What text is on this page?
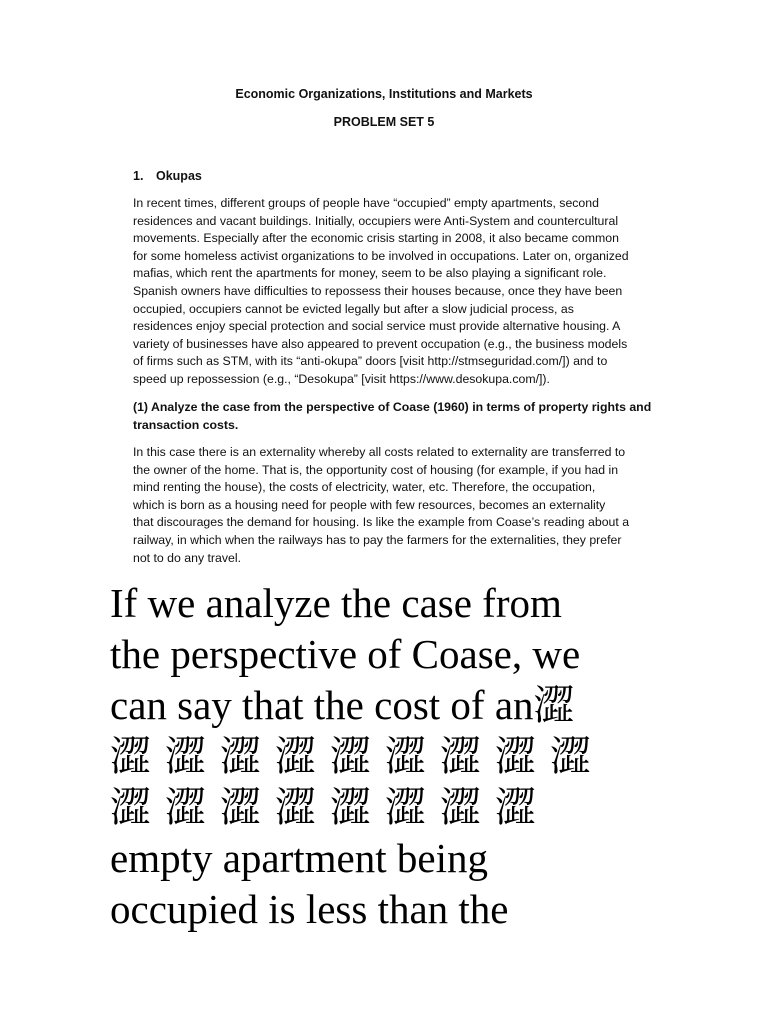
Economic Organizations, Institutions and Markets
PROBLEM SET 5
1. Okupas
In recent times, different groups of people have “occupied” empty apartments, second
residences and vacant buildings. Initially, occupiers were Anti-System and countercultural
movements. Especially after the economic crisis starting in 2008, it also became common
for some homeless activist organizations to be involved in occupations. Later on, organized
mafias, which rent the apartments for money, seem to be also playing a significant role.
Spanish owners have difficulties to repossess their houses because, once they have been
occupied, occupiers cannot be evicted legally but after a slow judicial process, as
residences enjoy special protection and social service must provide alternative housing. A
variety of businesses have also appeared to prevent occupation (e.g., the business models
of firms such as STM, with its “anti-okupa” doors [visit http://stmseguridad.com/]) and to
speed up repossession (e.g., “Desokupa” [visit https://www.desokupa.com/]).
(1) Analyze the case from the perspective of Coase (1960) in terms of property rights and
transaction costs.
In this case there is an externality whereby all costs related to externality are transferred to
the owner of the home. That is, the opportunity cost of housing (for example, if you had in
mind renting the house), the costs of electricity, water, etc. Therefore, the occupation,
which is born as a housing need for people with few resources, becomes an externality
that discourages the demand for housing. Is like the example from Coase’s reading about a
railway, in which when the railways has to pay the farmers for the externalities, they prefer
not to do any travel.
If we analyze the case from
the perspective of Coase, we
can say that the cost of an澀
澀澀澀澀澀澀澀澀澀
澀澀澀澀澀澀澀澀
empty apartment being
occupied is less than the
